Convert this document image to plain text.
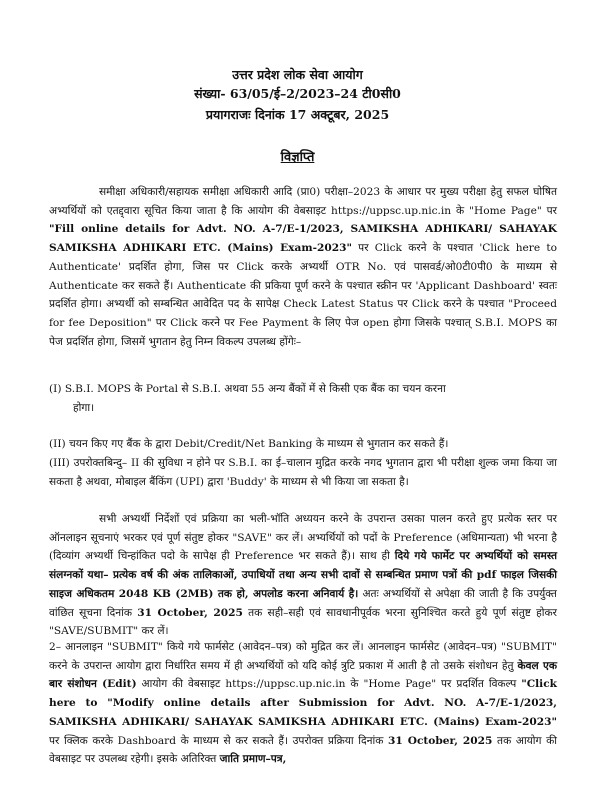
उत्तर प्रदेश लोक सेवा आयोग
संख्या- 63/05/ई–2/2023–24 टी0सी0
प्रयागराजः दिनांक 17 अक्टूबर, 2025
विज्ञप्ति
समीक्षा अधिकारी/सहायक समीक्षा अधिकारी आदि (प्रा0) परीक्षा–2023 के आधार पर मुख्य परीक्षा हेतु सफल घोषित अभ्यर्थियों को एतद्द्वारा सूचित किया जाता है कि आयोग की वेबसाइट https://uppsc.up.nic.in के "Home Page" पर "Fill online details for Advt. NO. A-7/E-1/2023, SAMIKSHA ADHIKARI/ SAHAYAK SAMIKSHA ADHIKARI ETC. (Mains) Exam-2023" पर Click करने के पश्चात 'Click here to Authenticate' प्रदर्शित होगा, जिस पर Click करके अभ्यर्थी OTR No. एवं पासवर्ड/ओ0टी0पी0 के माध्यम से Authenticate कर सकते हैं। Authenticate की प्रकिया पूर्ण करने के पश्चात स्क्रीन पर 'Applicant Dashboard' स्वतः प्रदर्शित होगा। अभ्यर्थी को सम्बन्धित आवेदित पद के सापेक्ष Check Latest Status पर Click करने के पश्चात "Proceed for fee Deposition" पर Click करने पर Fee Payment के लिए पेज open होगा जिसके पश्चात् S.B.I. MOPS का पेज प्रदर्शित होगा, जिसमें भुगतान हेतु निम्न विकल्प उपलब्ध होंगेः–
(I) S.B.I. MOPS के Portal से S.B.I. अथवा 55 अन्य बैंकों में से किसी एक बैंक का चयन करना
होगा।
(II) चयन किए गए बैंक के द्वारा Debit/Credit/Net Banking के माध्यम से भुगतान कर सकते हैं।
(III) उपरोक्तबिन्दु– II की सुविधा न होने पर S.B.I. का ई–चालान मुद्रित करके नगद भुगतान द्वारा भी परीक्षा शुल्क जमा किया जा सकता है अथवा, मोबाइल बैंकिंग (UPI) द्वारा 'Buddy' के माध्यम से भी किया जा सकता है।
सभी अभ्यर्थी निर्देशों एवं प्रक्रिया का भली-भॉति अध्ययन करने के उपरान्त उसका पालन करते हुए प्रत्येक स्तर पर ऑनलाइन सूचनाएं भरकर एवं पूर्ण संतुष्ट होकर "SAVE" कर लें। अभ्यर्थियों को पदों के Preference (अधिमान्यता) भी भरना है (दिव्यांग अभ्यर्थी चिन्हांकित पदो के सापेक्ष ही Preference भर सकते हैं)। साथ ही दिये गये फार्मेट पर अभ्यर्थियों को समस्त संलग्नकों यथा– प्रत्येक वर्ष की अंक तालिकाओं, उपाधियों तथा अन्य सभी दावों से सम्बन्धित प्रमाण पत्रों की pdf फाइल जिसकी साइज अधिकतम 2048 KB (2MB) तक हो, अपलोड करना अनिवार्य है। अतः अभ्यर्थियों से अपेक्षा की जाती है कि उपर्युक्त वांछित सूचना दिनांक 31 October, 2025 तक सही–सही एवं सावधानीपूर्वक भरना सुनिश्चित करते हुये पूर्ण संतुष्ट होकर "SAVE/SUBMIT" कर लें।
2– आनलाइन "SUBMIT" किये गये फार्मसेट (आवेदन–पत्र) को मुद्रित कर लें। आनलाइन फार्मसेट (आवेदन–पत्र) "SUBMIT" करने के उपरान्त आयोग द्वारा निर्धारित समय में ही अभ्यर्थियों को यदि कोई त्रुटि प्रकाश में आती है तो उसके संशोधन हेतु केवल एक बार संशोधन (Edit) आयोग की वेबसाइट https://uppsc.up.nic.in के "Home Page" पर प्रदर्शित विकल्प "Click here to "Modify online details after Submission for Advt. NO. A-7/E-1/2023, SAMIKSHA ADHIKARI/ SAHAYAK SAMIKSHA ADHIKARI ETC. (Mains) Exam-2023" पर क्लिक करके Dashboard के माध्यम से कर सकते हैं। उपरोक्त प्रक्रिया दिनांक 31 October, 2025 तक आयोग की वेबसाइट पर उपलब्ध रहेगी। इसके अतिरिक्त जाति प्रमाण–पत्र,
